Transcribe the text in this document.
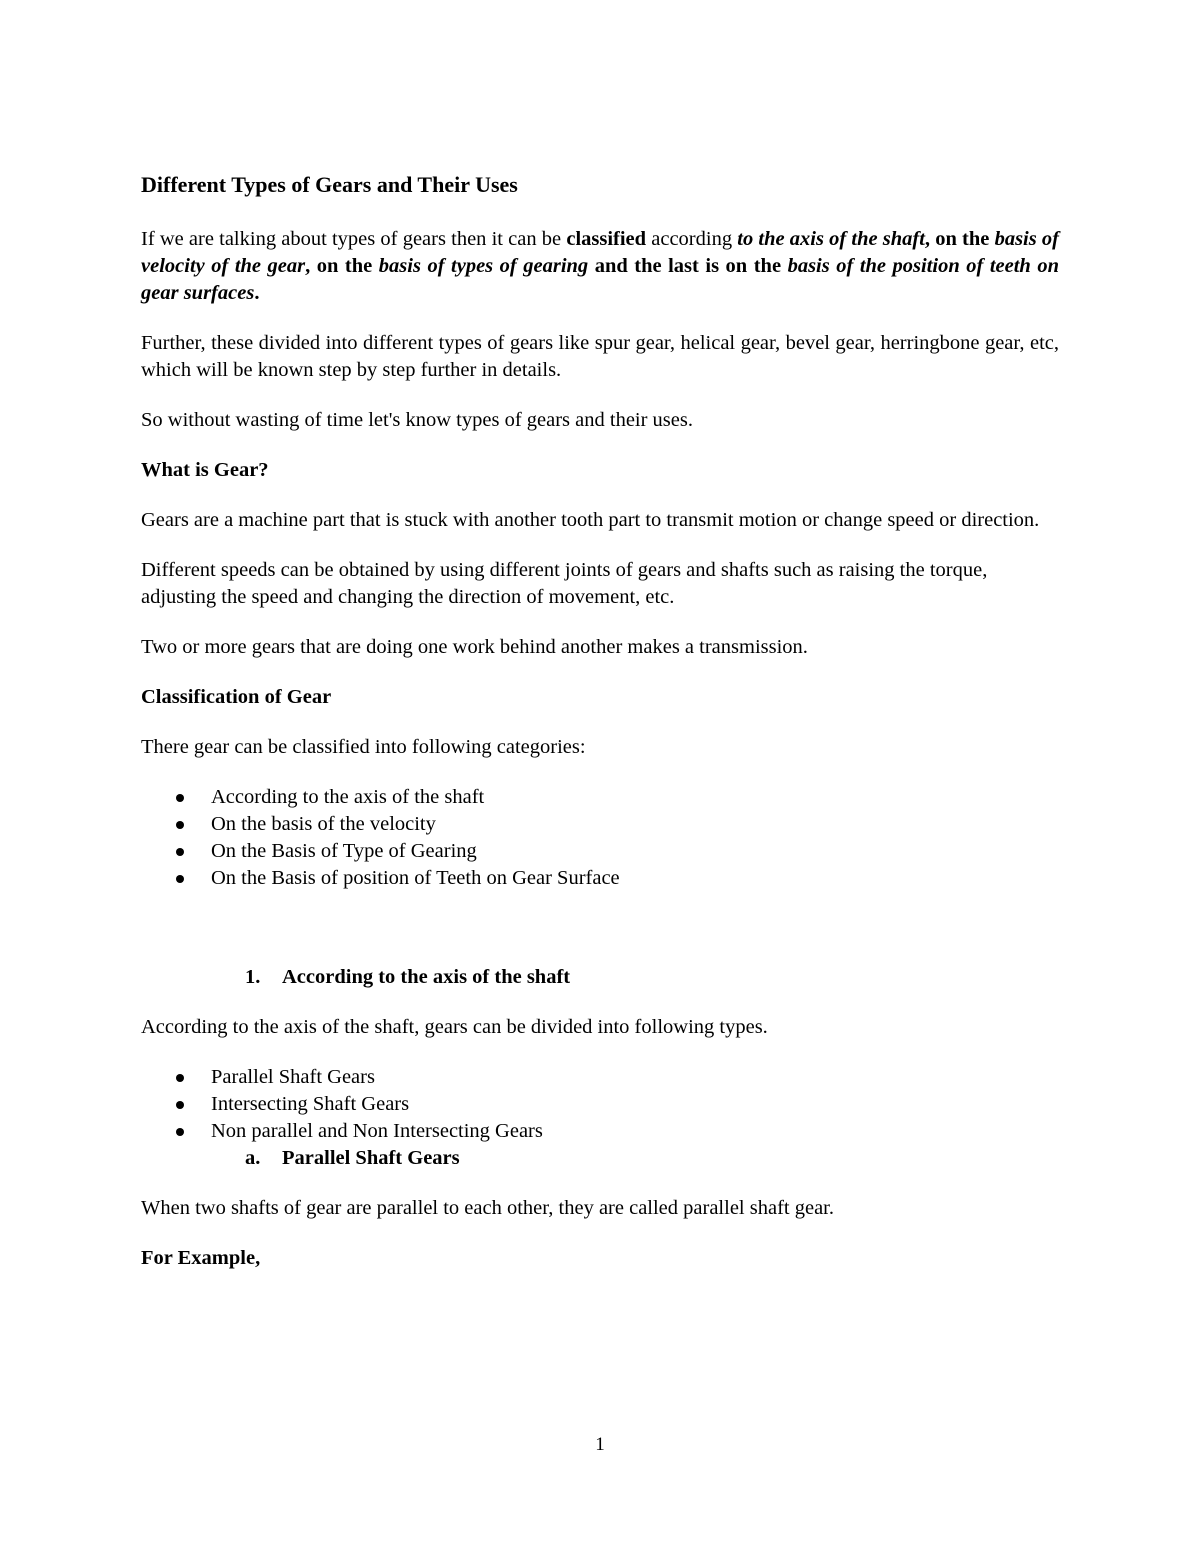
Different Types of Gears and Their Uses

If we are talking about types of gears then it can be classified according to the axis of the shaft, on the basis of velocity of the gear, on the basis of types of gearing and the last is on the basis of the position of teeth on gear surfaces.

Further, these divided into different types of gears like spur gear, helical gear, bevel gear, herringbone gear, etc, which will be known step by step further in details.

So without wasting of time let's know types of gears and their uses.

What is Gear?

Gears are a machine part that is stuck with another tooth part to transmit motion or change speed or direction.

Different speeds can be obtained by using different joints of gears and shafts such as raising the torque, adjusting the speed and changing the direction of movement, etc.

Two or more gears that are doing one work behind another makes a transmission.

Classification of Gear

There gear can be classified into following categories:

According to the axis of the shaft
On the basis of the velocity
On the Basis of Type of Gearing
On the Basis of position of Teeth on Gear Surface
1. According to the axis of the shaft

According to the axis of the shaft, gears can be divided into following types.

Parallel Shaft Gears
Intersecting Shaft Gears
Non parallel and Non Intersecting Gears
a. Parallel Shaft Gears

When two shafts of gear are parallel to each other, they are called parallel shaft gear.

For Example,
1
